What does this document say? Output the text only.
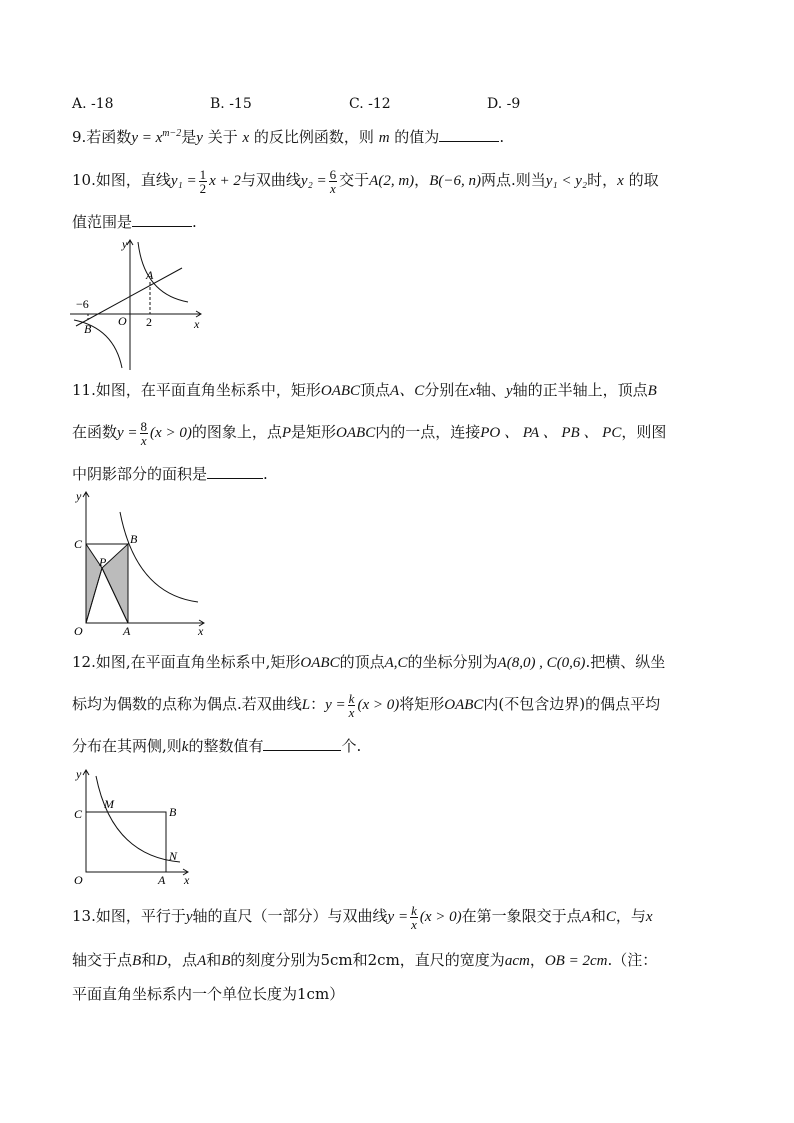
A. -18	B. -15	C. -12	D. -9
9.若函数$y = x^{m-2}$是y 关于 x 的反比例函数，则 m 的值为	.
10.如图，直线$y_1 = \frac{1}{2}$ x + 2与双曲线$y_2 = \frac{6}{x}$ 交于A(2, m)，B(−6, n)两点.则当y₁ < y₂时，x 的取
值范围是	.
y
x
A
B
O
−6
2
11.如图，在平面直角坐标系中，矩形OABC顶点A、C分别在x轴、y轴的正半轴上，顶点B
在函数$y = \frac{8}{x} (x > 0)$的图象上，点P是矩形OABC内的一点，连接PO 、 PA 、 PB 、 PC，则图
中阴影部分的面积是	.
y
x
C	B
P
O	A
12.如图,在平面直角坐标系中,矩形OABC的顶点A,C的坐标分别为A(8,0) , C(0,6).把横、纵坐
标均为偶数的点称为偶点.若双曲线L：$y = \frac{k}{x} (x > 0)$将矩形OABC内(不包含边界)的偶点平均
分布在其两侧,则k的整数值有	个.
y
x
C
M
B
N
O	A
13.如图，平行于y轴的直尺（一部分）与双曲线$y = \frac{k}{x} (x > 0)$在第一象限交于点A和C，与x
轴交于点B和D，点A和B的刻度分别为5cm和2cm，直尺的宽度为acm，OB = 2cm.（注：
平面直角坐标系内一个单位长度为1cm）
